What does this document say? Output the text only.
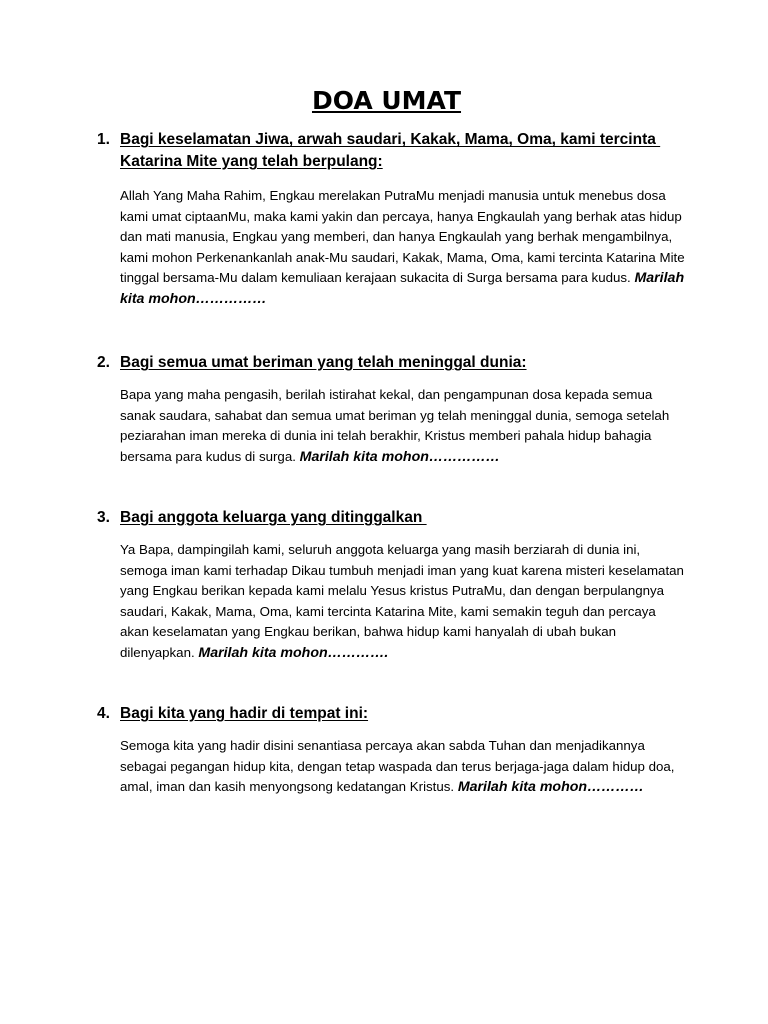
DOA UMAT
1. Bagi keselamatan Jiwa, arwah saudari, Kakak, Mama, Oma, kami tercinta
Katarina Mite yang telah berpulang:

Allah Yang Maha Rahim, Engkau merelakan PutraMu menjadi manusia untuk menebus dosa kami umat ciptaanMu, maka kami yakin dan percaya, hanya Engkaulah yang berhak atas hidup dan mati manusia, Engkau yang memberi, dan hanya Engkaulah yang berhak mengambilnya, kami mohon Perkenankanlah anak-Mu saudari, Kakak, Mama, Oma, kami tercinta Katarina Mite tinggal bersama-Mu dalam kemuliaan kerajaan sukacita di Surga bersama para kudus. Marilah kita mohon……………

2. Bagi semua umat beriman yang telah meninggal dunia:

Bapa yang maha pengasih, berilah istirahat kekal, dan pengampunan dosa kepada semua sanak saudara, sahabat dan semua umat beriman yg telah meninggal dunia, semoga setelah peziarahan iman mereka di dunia ini telah berakhir, Kristus memberi pahala hidup bahagia bersama para kudus di surga. Marilah kita mohon……………

3. Bagi anggota keluarga yang ditinggalkan

Ya Bapa, dampingilah kami, seluruh anggota keluarga yang masih berziarah di dunia ini, semoga iman kami terhadap Dikau tumbuh menjadi iman yang kuat karena misteri keselamatan yang Engkau berikan kepada kami melalu Yesus kristus PutraMu, dan dengan berpulangnya saudari, Kakak, Mama, Oma, kami tercinta Katarina Mite, kami semakin teguh dan percaya akan keselamatan yang Engkau berikan, bahwa hidup kami hanyalah di ubah bukan dilenyapkan. Marilah kita mohon………….

4. Bagi kita yang hadir di tempat ini:

Semoga kita yang hadir disini senantiasa percaya akan sabda Tuhan dan menjadikannya sebagai pegangan hidup kita, dengan tetap waspada dan terus berjaga-jaga dalam hidup doa, amal, iman dan kasih menyongsong kedatangan Kristus. Marilah kita mohon…………
